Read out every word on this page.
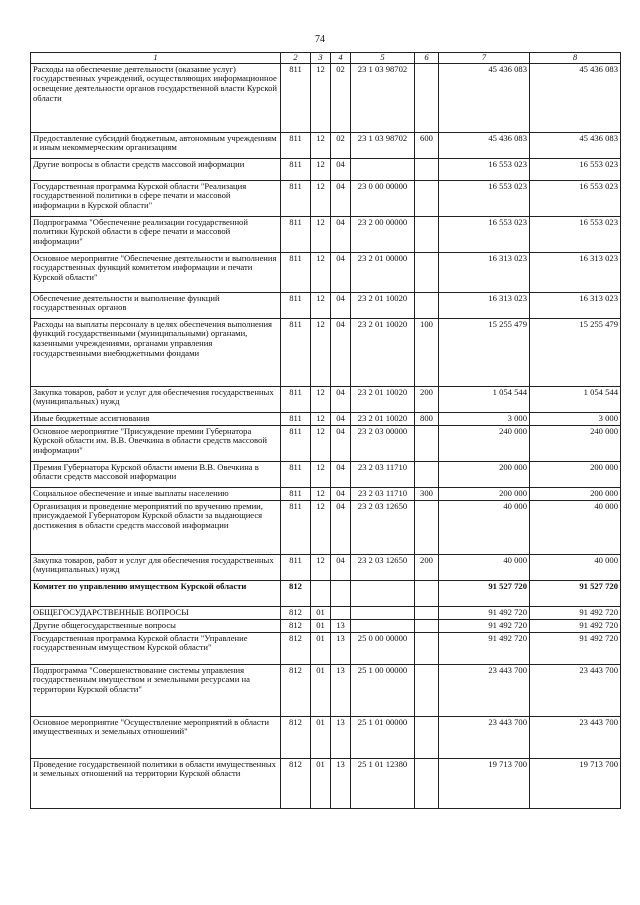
74
1	2	3	4	5	6	7	8
Расходы на обеспечение деятельности (оказание услуг) государственных учреждений, осуществляющих информационное освещение деятельности органов государственной власти Курской области	811	12	02	23 1 03 98702		45 436 083	45 436 083
Предоставление субсидий бюджетным, автономным учреждениям и иным некоммерческим организациям	811	12	02	23 1 03 98702	600	45 436 083	45 436 083
Другие вопросы в области средств массовой информации	811	12	04			16 553 023	16 553 023
Государственная программа Курской области "Реализация государственной политики в сфере печати и массовой информации в Курской области"	811	12	04	23 0 00 00000		16 553 023	16 553 023
Подпрограмма "Обеспечение реализации государственной политики Курской области в сфере печати и массовой информации"	811	12	04	23 2 00 00000		16 553 023	16 553 023
Основное мероприятие "Обеспечение деятельности и выполнения государственных функций комитетом информации и печати Курской области"	811	12	04	23 2 01 00000		16 313 023	16 313 023
Обеспечение деятельности и выполнение функций государственных органов	811	12	04	23 2 01 10020		16 313 023	16 313 023
Расходы на выплаты персоналу в целях обеспечения выполнения функций государственными (муниципальными) органами, казенными учреждениями, органами управления государственными внебюджетными фондами	811	12	04	23 2 01 10020	100	15 255 479	15 255 479
Закупка товаров, работ и услуг для обеспечения государственных (муниципальных) нужд	811	12	04	23 2 01 10020	200	1 054 544	1 054 544
Иные бюджетные ассигнования	811	12	04	23 2 01 10020	800	3 000	3 000
Основное мероприятие "Присуждение премии Губернатора Курской области им. В.В. Овечкина в области средств массовой информации"	811	12	04	23 2 03 00000		240 000	240 000
Премия Губернатора Курской области имени В.В. Овечкина в области средств массовой информации	811	12	04	23 2 03 11710		200 000	200 000
Социальное обеспечение и иные выплаты населению	811	12	04	23 2 03 11710	300	200 000	200 000
Организация и проведение мероприятий по вручению премии, присуждаемой Губернатором Курской области за выдающиеся достижения в области средств массовой информации	811	12	04	23 2 03 12650		40 000	40 000
Закупка товаров, работ и услуг для обеспечения государственных (муниципальных) нужд	811	12	04	23 2 03 12650	200	40 000	40 000
Комитет по управлению имуществом Курской области	812					91 527 720	91 527 720
ОБЩЕГОСУДАРСТВЕННЫЕ ВОПРОСЫ	812	01				91 492 720	91 492 720
Другие общегосударственные вопросы	812	01	13			91 492 720	91 492 720
Государственная программа Курской области "Управление государственным имуществом Курской области"	812	01	13	25 0 00 00000		91 492 720	91 492 720
Подпрограмма "Совершенствование системы управления государственным имуществом и земельными ресурсами на территории Курской области"	812	01	13	25 1 00 00000		23 443 700	23 443 700
Основное мероприятие "Осуществление мероприятий в области имущественных и земельных отношений"	812	01	13	25 1 01 00000		23 443 700	23 443 700
Проведение государственной политики в области имущественных и земельных отношений на территории Курской области	812	01	13	25 1 01 12380		19 713 700	19 713 700
